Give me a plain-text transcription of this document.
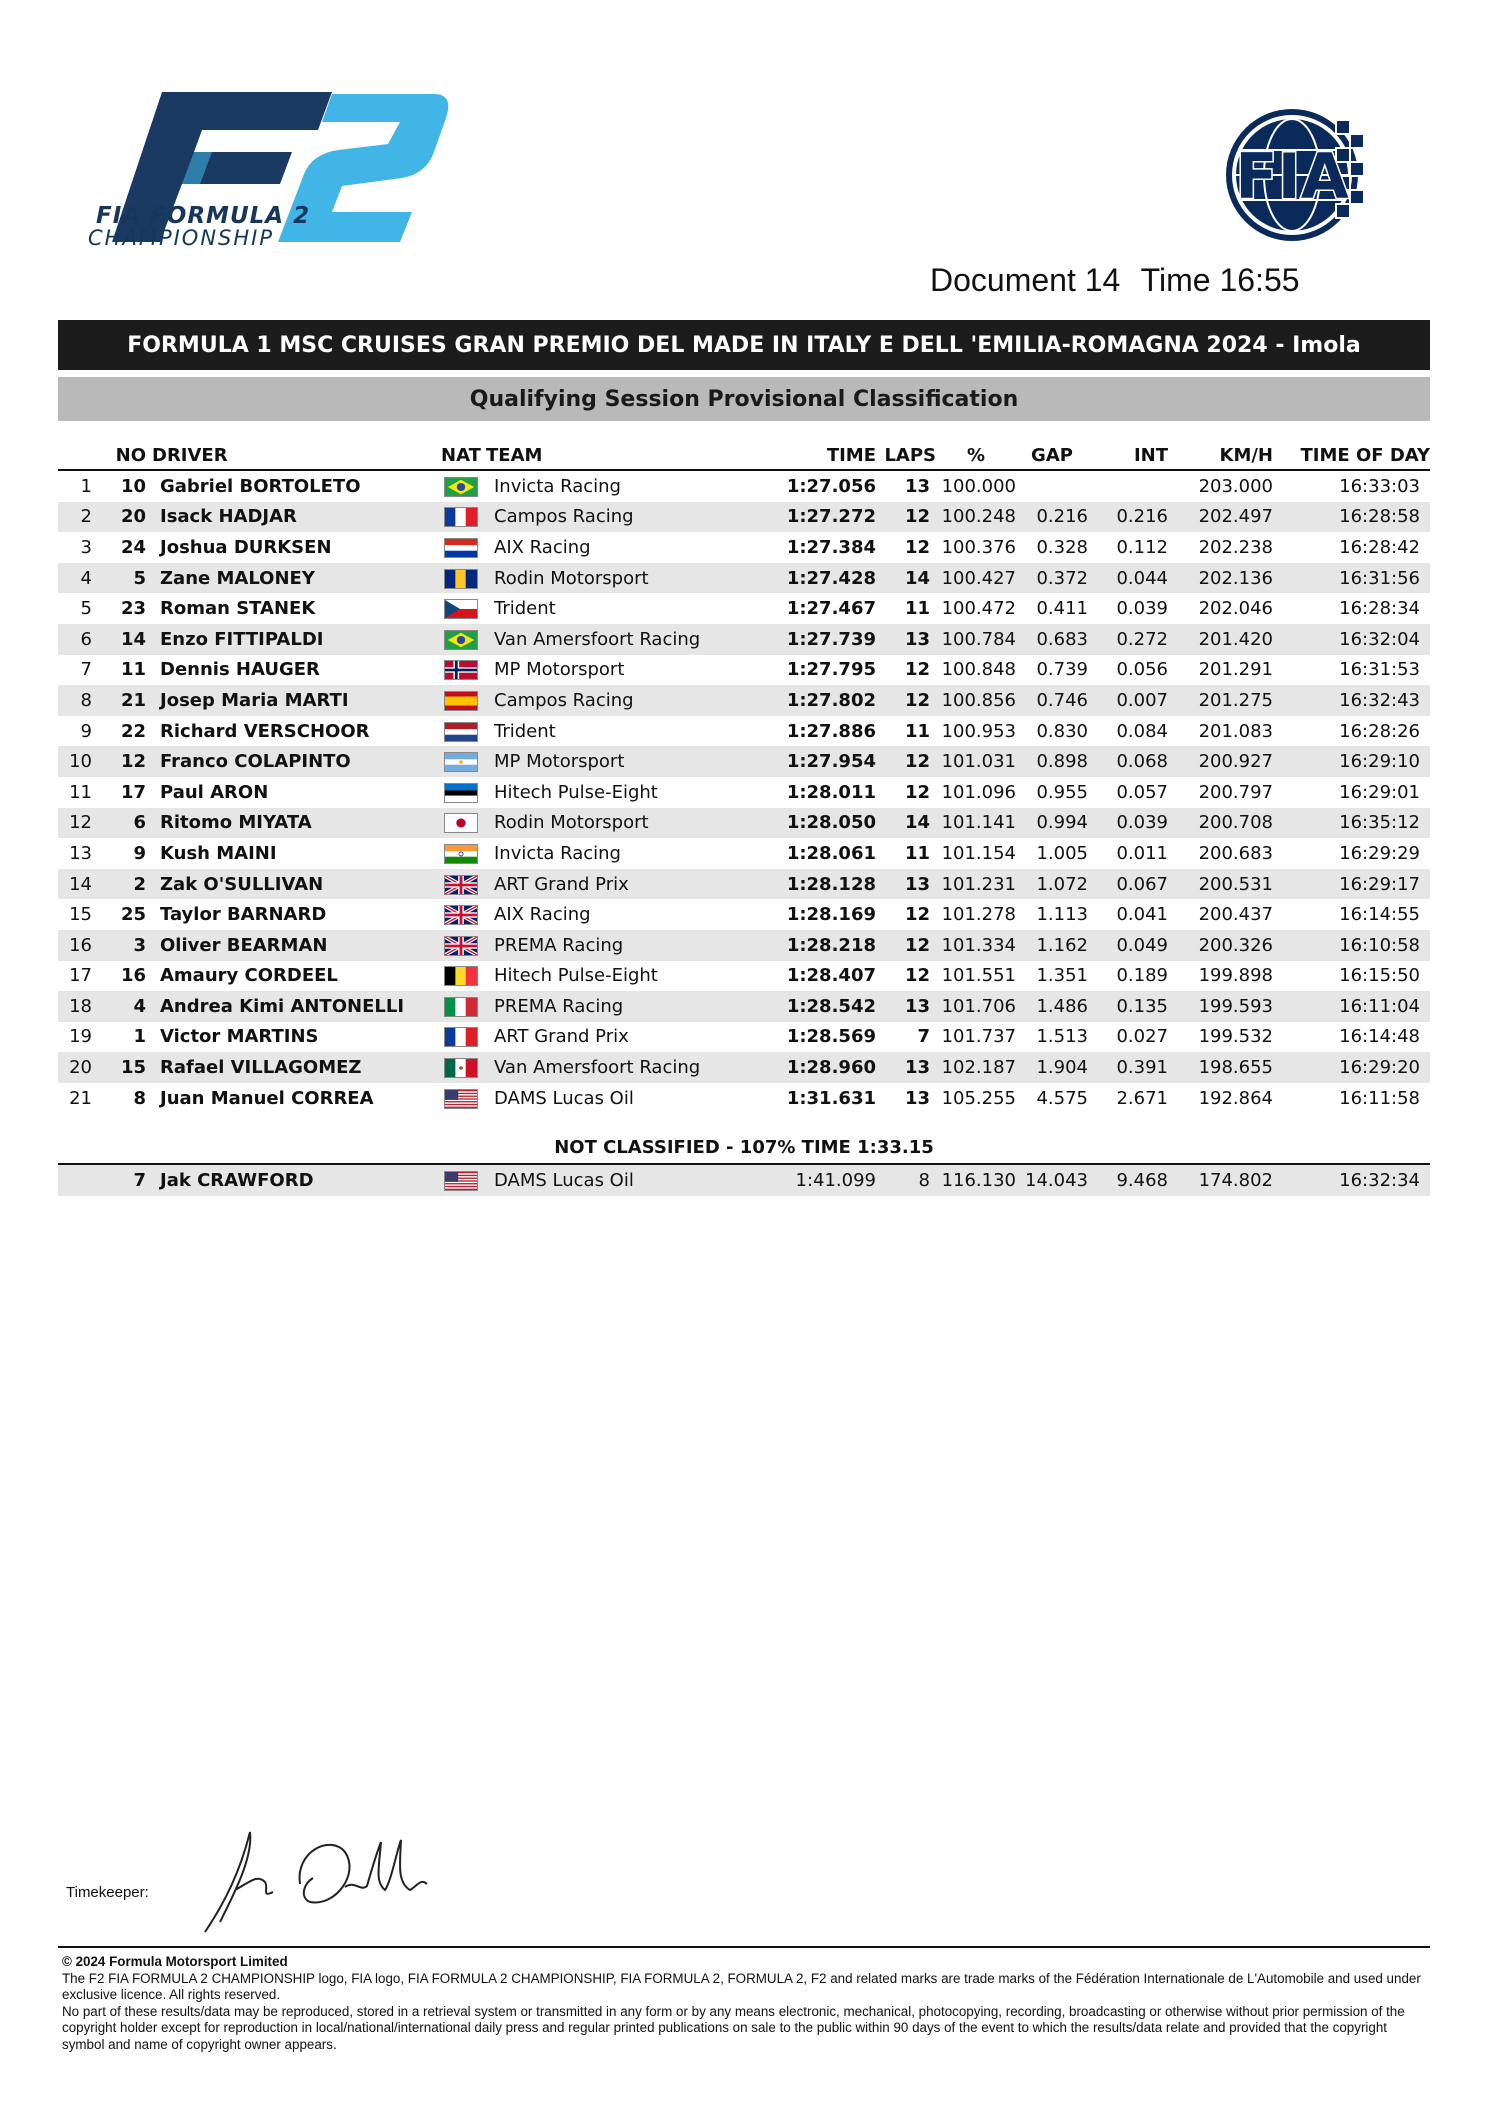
FIA FORMULA 2
CHAMPIONSHIP
FIA
Document 14 Time 16:55
FORMULA 1 MSC CRUISES GRAN PREMIO DEL MADE IN ITALY E DELL 'EMILIA-ROMAGNA 2024 - Imola
Qualifying Session Provisional Classification
	NO	DRIVER	NAT	TEAM	TIME	LAPS	%	GAP	INT	KM/H	TIME OF DAY
1	10	Gabriel BORTOLETO		Invicta Racing	1:27.056	13	100.000			203.000	16:33:03
2	20	Isack HADJAR		Campos Racing	1:27.272	12	100.248	0.216	0.216	202.497	16:28:58
3	24	Joshua DURKSEN		AIX Racing	1:27.384	12	100.376	0.328	0.112	202.238	16:28:42
4	5	Zane MALONEY		Rodin Motorsport	1:27.428	14	100.427	0.372	0.044	202.136	16:31:56
5	23	Roman STANEK		Trident	1:27.467	11	100.472	0.411	0.039	202.046	16:28:34
6	14	Enzo FITTIPALDI		Van Amersfoort Racing	1:27.739	13	100.784	0.683	0.272	201.420	16:32:04
7	11	Dennis HAUGER		MP Motorsport	1:27.795	12	100.848	0.739	0.056	201.291	16:31:53
8	21	Josep Maria MARTI		Campos Racing	1:27.802	12	100.856	0.746	0.007	201.275	16:32:43
9	22	Richard VERSCHOOR		Trident	1:27.886	11	100.953	0.830	0.084	201.083	16:28:26
10	12	Franco COLAPINTO		MP Motorsport	1:27.954	12	101.031	0.898	0.068	200.927	16:29:10
11	17	Paul ARON		Hitech Pulse-Eight	1:28.011	12	101.096	0.955	0.057	200.797	16:29:01
12	6	Ritomo MIYATA		Rodin Motorsport	1:28.050	14	101.141	0.994	0.039	200.708	16:35:12
13	9	Kush MAINI		Invicta Racing	1:28.061	11	101.154	1.005	0.011	200.683	16:29:29
14	2	Zak O'SULLIVAN		ART Grand Prix	1:28.128	13	101.231	1.072	0.067	200.531	16:29:17
15	25	Taylor BARNARD		AIX Racing	1:28.169	12	101.278	1.113	0.041	200.437	16:14:55
16	3	Oliver BEARMAN		PREMA Racing	1:28.218	12	101.334	1.162	0.049	200.326	16:10:58
17	16	Amaury CORDEEL		Hitech Pulse-Eight	1:28.407	12	101.551	1.351	0.189	199.898	16:15:50
18	4	Andrea Kimi ANTONELLI		PREMA Racing	1:28.542	13	101.706	1.486	0.135	199.593	16:11:04
19	1	Victor MARTINS		ART Grand Prix	1:28.569	7	101.737	1.513	0.027	199.532	16:14:48
20	15	Rafael VILLAGOMEZ		Van Amersfoort Racing	1:28.960	13	102.187	1.904	0.391	198.655	16:29:20
21	8	Juan Manuel CORREA		DAMS Lucas Oil	1:31.631	13	105.255	4.575	2.671	192.864	16:11:58
NOT CLASSIFIED - 107% TIME 1:33.15
	7	Jak CRAWFORD		DAMS Lucas Oil	1:41.099	8	116.130	14.043	9.468	174.802	16:32:34
Timekeeper:
© 2024 Formula Motorsport Limited
The F2 FIA FORMULA 2 CHAMPIONSHIP logo, FIA logo, FIA FORMULA 2 CHAMPIONSHIP, FIA FORMULA 2, FORMULA 2, F2 and related marks are trade marks of the Fédération Internationale de L'Automobile and used under exclusive licence. All rights reserved.
No part of these results/data may be reproduced, stored in a retrieval system or transmitted in any form or by any means electronic, mechanical, photocopying, recording, broadcasting or otherwise without prior permission of the copyright holder except for reproduction in local/national/international daily press and regular printed publications on sale to the public within 90 days of the event to which the results/data relate and provided that the copyright symbol and name of copyright owner appears.
